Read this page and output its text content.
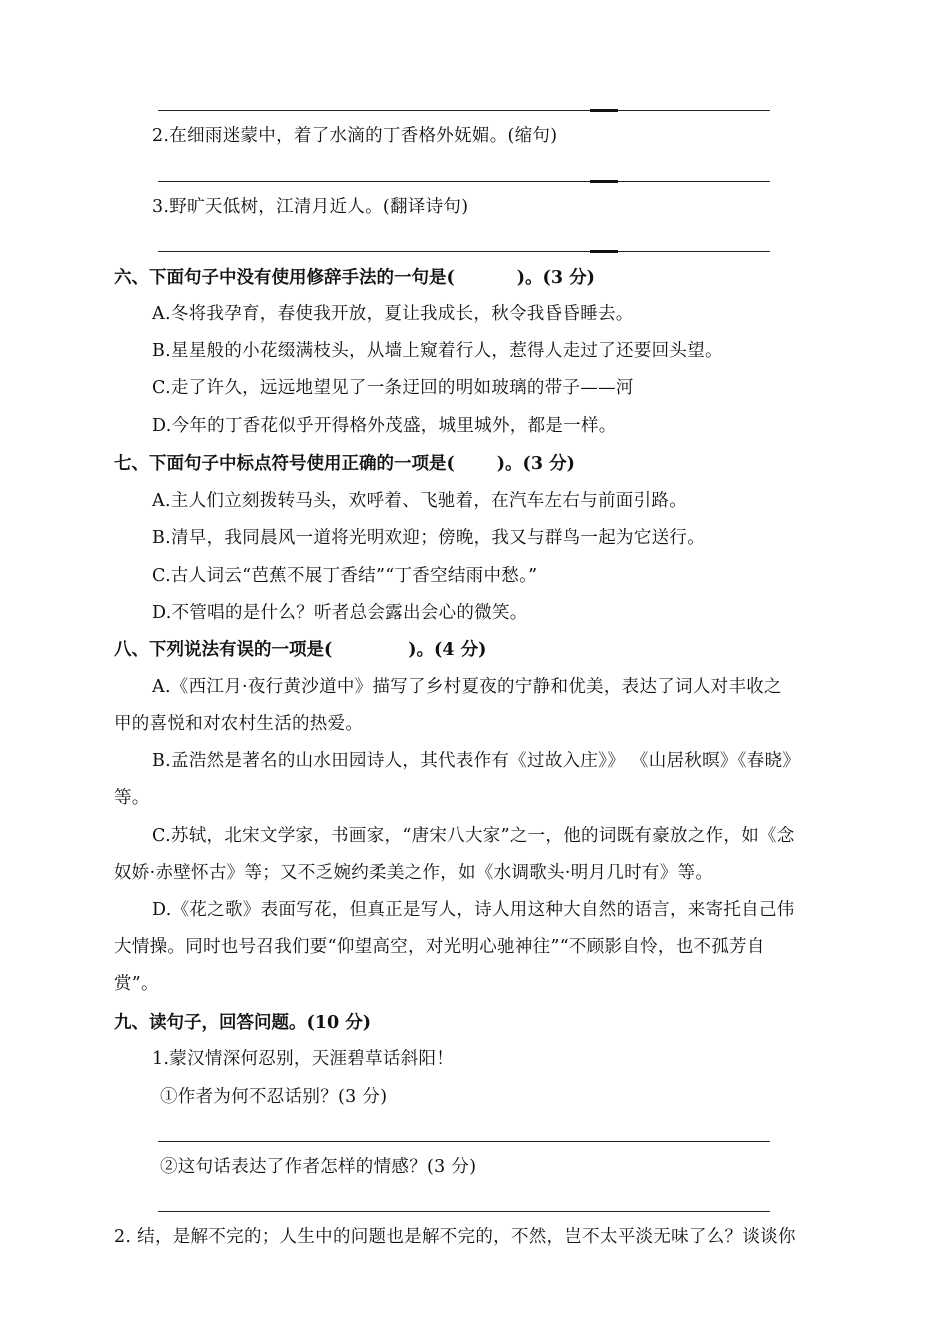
2.在细雨迷蒙中，着了水滴的丁香格外妩媚。(缩句)
3.野旷天低树，江清月近人。(翻译诗句)
六、下面句子中没有使用修辞手法的一句是(	)。(3 分)
A.冬将我孕育，春使我开放，夏让我成长，秋令我昏昏睡去。
B.星星般的小花缀满枝头，从墙上窥着行人，惹得人走过了还要回头望。
C.走了许久，远远地望见了一条迂回的明如玻璃的带子——河
D.今年的丁香花似乎开得格外茂盛，城里城外，都是一样。
七、下面句子中标点符号使用正确的一项是( )。(3 分)
A.主人们立刻拨转马头，欢呼着、飞驰着，在汽车左右与前面引路。
B.清早，我同晨风一道将光明欢迎；傍晚，我又与群鸟一起为它送行。
C.古人词云“芭蕉不展丁香结”“丁香空结雨中愁。”
D.不管唱的是什么？听者总会露出会心的微笑。
八、下列说法有误的一项是(	)。(4 分)
A.《西江月·夜行黄沙道中》描写了乡村夏夜的宁静和优美，表达了词人对丰收之
甲的喜悦和对农村生活的热爱。
B.孟浩然是著名的山水田园诗人，其代表作有《过故入庄》》 《山居秋暝》《春晓》
等。
C.苏轼，北宋文学家，书画家，“唐宋八大家”之一，他的词既有豪放之作，如《念
奴娇·赤壁怀古》等；又不乏婉约柔美之作，如《水调歌头·明月几时有》等。
D.《花之歌》表面写花，但真正是写人，诗人用这种大自然的语言，来寄托自己伟
大情操。同时也号召我们要“仰望高空，对光明心驰神往”“不顾影自怜，也不孤芳自
赏”。
九、读句子，回答问题。(10 分)
1.蒙汉情深何忍别，天涯碧草话斜阳！
①作者为何不忍话别？(3 分)
②这句话表达了作者怎样的情感？(3 分)
2. 结，是解不完的；人生中的问题也是解不完的，不然，岂不太平淡无味了么？谈谈你
